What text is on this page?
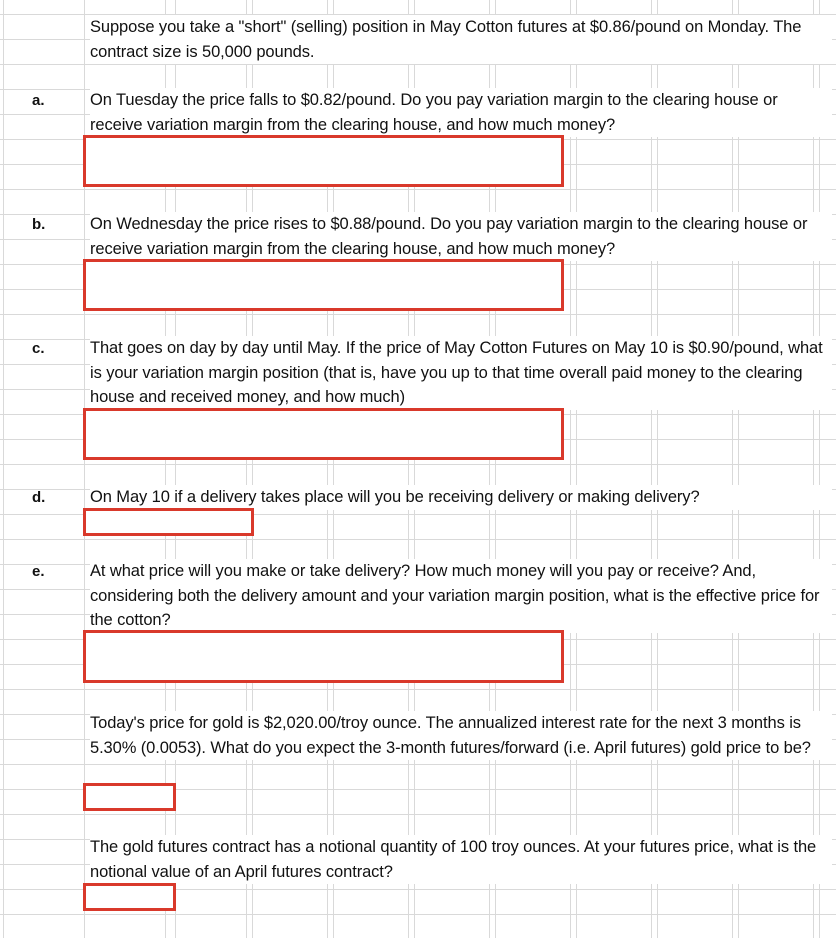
Suppose you take a "short" (selling) position in May Cotton futures at $0.86/pound on Monday. The contract size is 50,000 pounds.
a.	On Tuesday the price falls to $0.82/pound. Do you pay variation margin to the clearing house or receive variation margin from the clearing house, and how much money?
b.	On Wednesday the price rises to $0.88/pound. Do you pay variation margin to the clearing house or receive variation margin from the clearing house, and how much money?
c.	That goes on day by day until May. If the price of May Cotton Futures on May 10 is $0.90/pound, what is your variation margin position (that is, have you up to that time overall paid money to the clearing house and received money, and how much)
d.	On May 10 if a delivery takes place will you be receiving delivery or making delivery?
e.	At what price will you make or take delivery? How much money will you pay or receive? And, considering both the delivery amount and your variation margin position, what is the effective price for the cotton?
Today's price for gold is $2,020.00/troy ounce. The annualized interest rate for the next 3 months is 5.30% (0.0053). What do you expect the 3-month futures/forward (i.e. April futures) gold price to be?
The gold futures contract has a notional quantity of 100 troy ounces. At your futures price, what is the notional value of an April futures contract?
